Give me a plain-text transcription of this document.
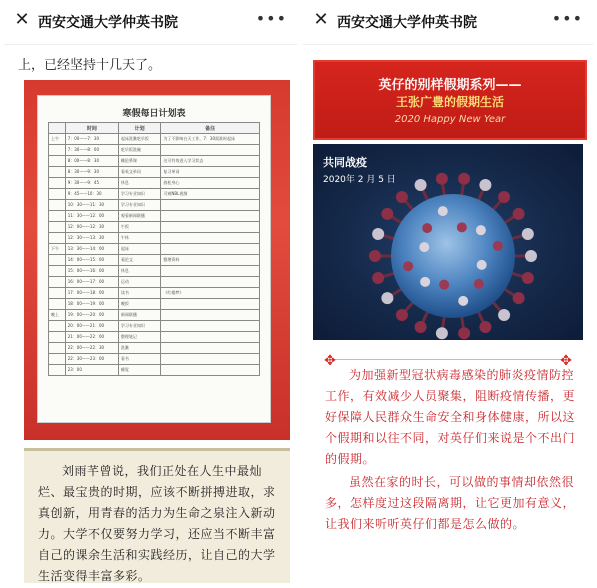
✕ 西安交通大学仲英书院	•••
上，已经坚持十几天了。
寒假每日计划表
	时间	计划	备注
上午	7：00——7：30	起床洗漱吃早饭	为了不影响白天工作，7：30需准时起床
	7：30——8：00	吃早饭洗碗	
	8：00——8：30	概论慕课	这可有效进入学习状态
	8：30——9：30	看英文单词	复习单词
	9：30——9：45	休息	放松身心
	9：45——10：30	学习专业知识	可观NBL视频
	10：30——11：30	学习专业知识	
	11：30——12：00	观看新闻联播	
	12：00——12：30	午饭	
	12：30——13：30	午休	
下午	13：30——14：00	起床	
	14：00——15：00	看论文	整理资料
	15：00——16：00	休息	
	16：00——17：00	运动	
	17：00——18：00	读书	《红楼梦》
	18：00——19：00	晚饭	
晚上	19：00——20：00	新闻联播	
	20：00——21：00	学习专业知识	
	21：00——22：00	整理笔记	
	22：00——22：30	洗漱	
	22：30——23：00	看书	
	23：00	睡觉	

刘雨芊曾说，我们正处在人生中最灿烂、最宝贵的时期，应该不断拼搏进取，求真创新，用青春的活力为生命之泉注入新动力。大学不仅要努力学习，还应当不断丰富自己的课余生活和实践经历，让自己的大学生活变得丰富多彩。

✕ 西安交通大学仲英书院	•••
英仔的别样假期系列——
王张广豊的假期生活
2020 Happy New Year
共同战疫
2020年 2 月 5 日
✥	✥

为加强新型冠状病毒感染的肺炎疫情防控工作，有效减少人员聚集，阻断疫情传播，更好保障人民群众生命安全和身体健康，所以这个假期和以往不同，对英仔们来说是个不出门的假期。

虽然在家的时长，可以做的事情却依然很多，怎样度过这段隔离期，让它更加有意义，让我们来听听英仔们都是怎么做的。
